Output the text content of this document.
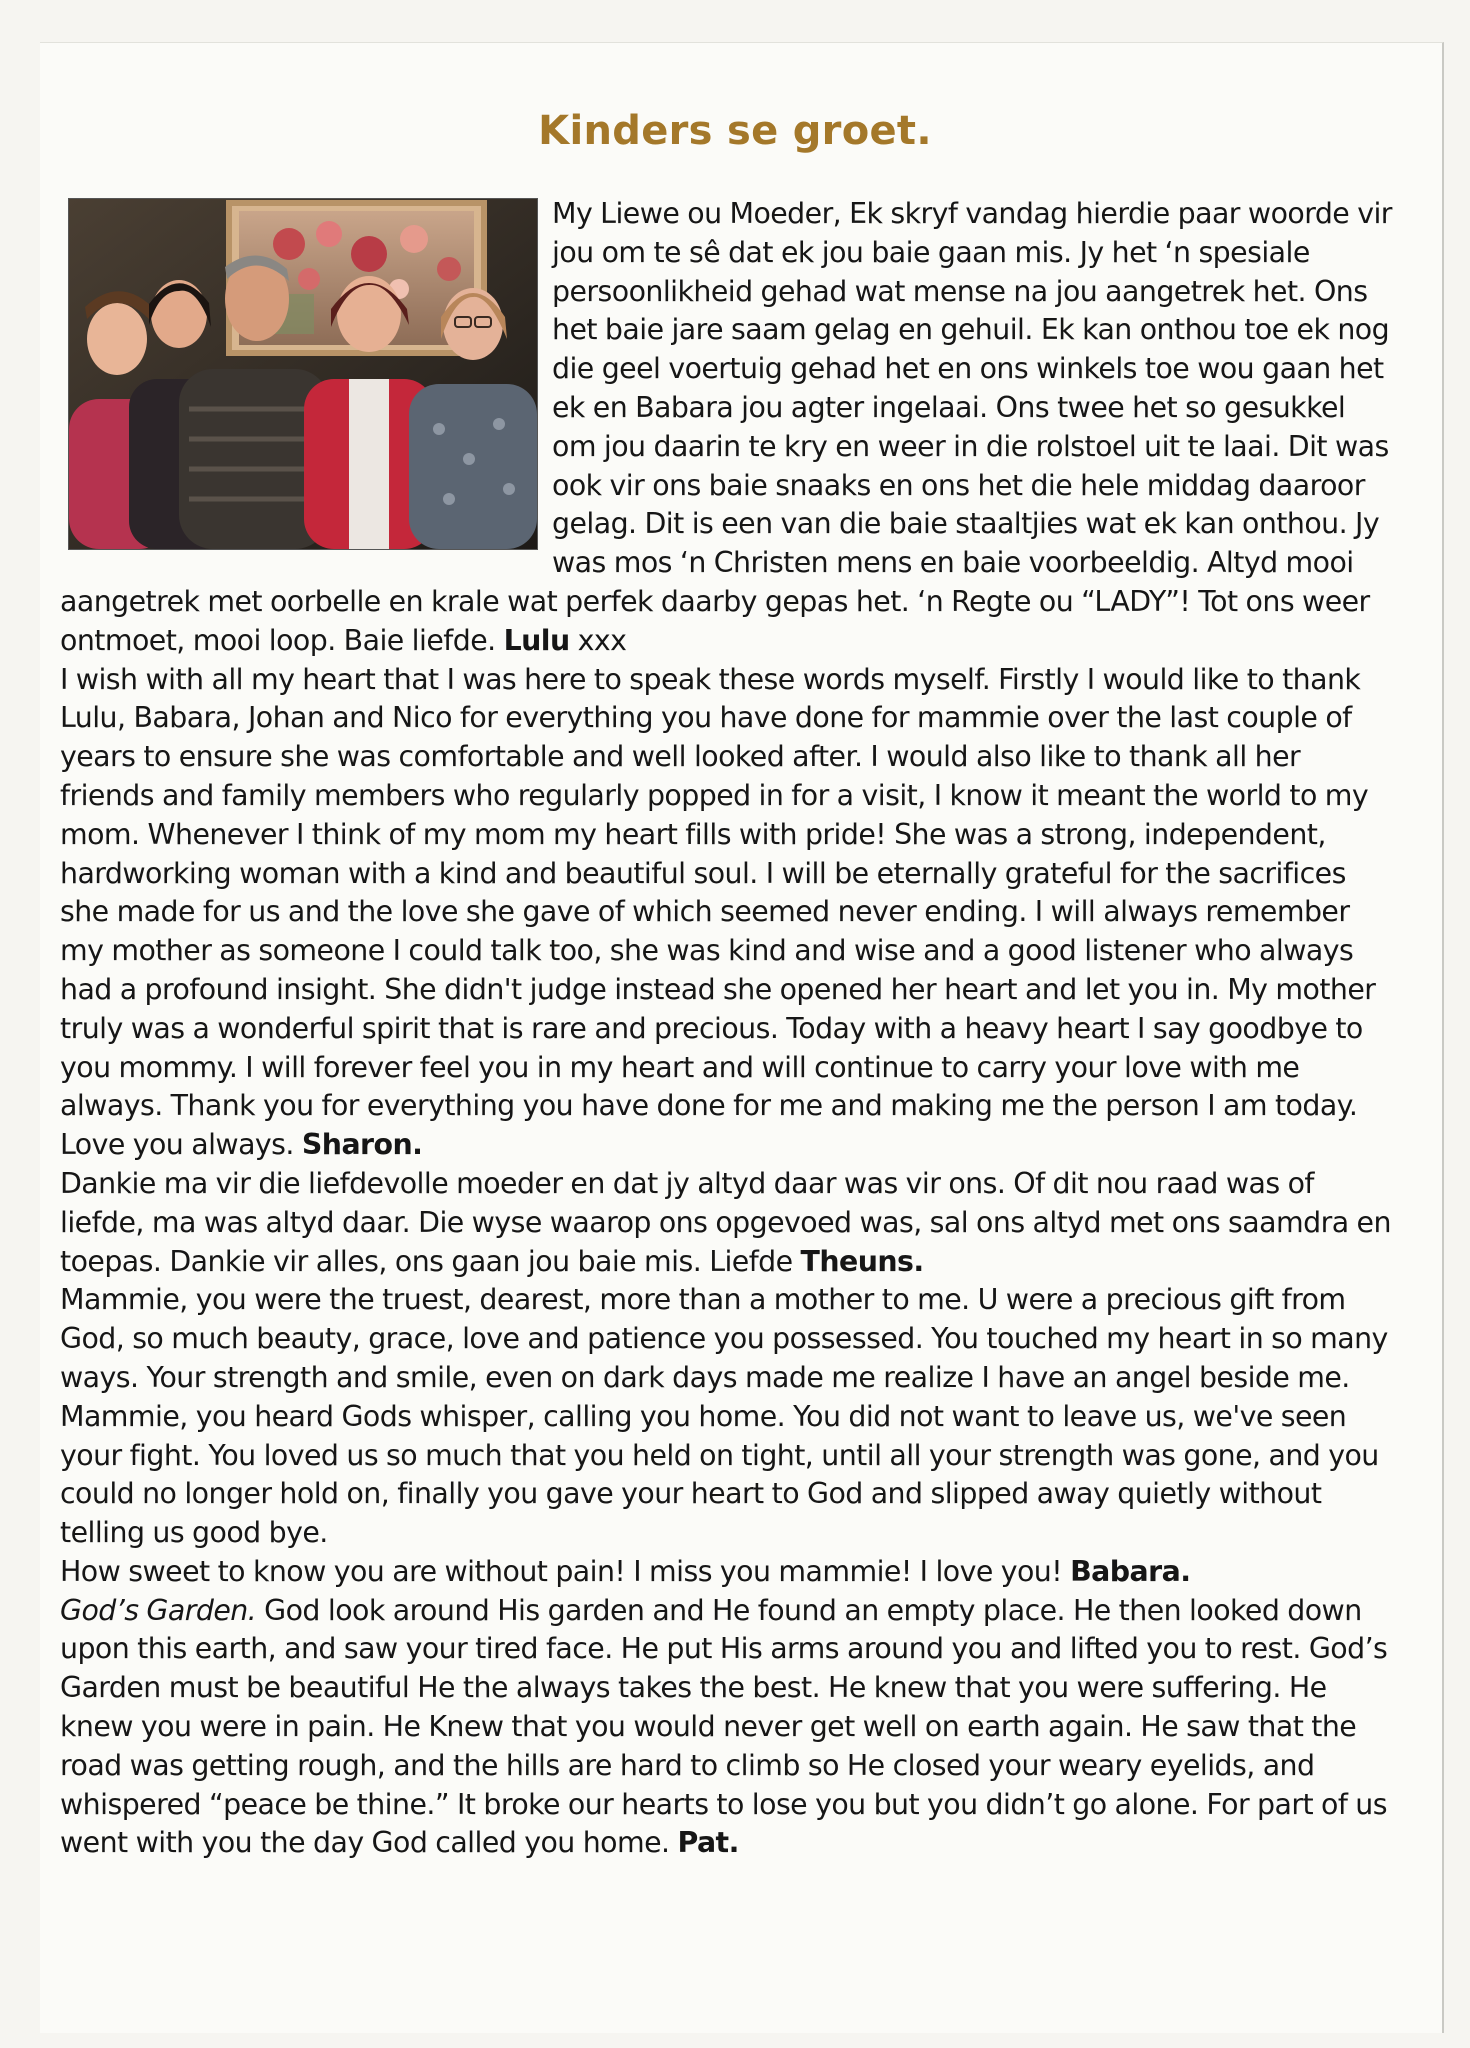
Kinders se groet.

My Liewe ou Moeder, Ek skryf vandag hierdie paar woorde vir jou om te sê dat ek jou baie gaan mis. Jy het ‘n spesiale persoonlikheid gehad wat mense na jou aangetrek het. Ons het baie jare saam gelag en gehuil. Ek kan onthou toe ek nog die geel voertuig gehad het en ons winkels toe wou gaan het ek en Babara jou agter ingelaai. Ons twee het so gesukkel om jou daarin te kry en weer in die rolstoel uit te laai. Dit was ook vir ons baie snaaks en ons het die hele middag daaroor gelag. Dit is een van die baie staaltjies wat ek kan onthou. Jy was mos ‘n Christen mens en baie voorbeeldig. Altyd mooi aangetrek met oorbelle en krale wat perfek daarby gepas het. ‘n Regte ou “LADY”! Tot ons weer ontmoet, mooi loop. Baie liefde. Lulu xxx

I wish with all my heart that I was here to speak these words myself. Firstly I would like to thank Lulu, Babara, Johan and Nico for everything you have done for mammie over the last couple of years to ensure she was comfortable and well looked after. I would also like to thank all her friends and family members who regularly popped in for a visit, I know it meant the world to my mom. Whenever I think of my mom my heart fills with pride! She was a strong, independent, hardworking woman with a kind and beautiful soul. I will be eternally grateful for the sacrifices she made for us and the love she gave of which seemed never ending. I will always remember my mother as someone I could talk too, she was kind and wise and a good listener who always had a profound insight. She didn't judge instead she opened her heart and let you in. My mother truly was a wonderful spirit that is rare and precious. Today with a heavy heart I say goodbye to you mommy. I will forever feel you in my heart and will continue to carry your love with me always. Thank you for everything you have done for me and making me the person I am today. Love you always. Sharon.

Dankie ma vir die liefdevolle moeder en dat jy altyd daar was vir ons. Of dit nou raad was of liefde, ma was altyd daar. Die wyse waarop ons opgevoed was, sal ons altyd met ons saamdra en toepas. Dankie vir alles, ons gaan jou baie mis. Liefde Theuns.

Mammie, you were the truest, dearest, more than a mother to me. U were a precious gift from God, so much beauty, grace, love and patience you possessed. You touched my heart in so many ways. Your strength and smile, even on dark days made me realize I have an angel beside me. Mammie, you heard Gods whisper, calling you home. You did not want to leave us, we've seen your fight. You loved us so much that you held on tight, until all your strength was gone, and you could no longer hold on, finally you gave your heart to God and slipped away quietly without telling us good bye.

How sweet to know you are without pain! I miss you mammie! I love you! Babara.

God’s Garden. God look around His garden and He found an empty place. He then looked down upon this earth, and saw your tired face. He put His arms around you and lifted you to rest. God’s Garden must be beautiful He the always takes the best. He knew that you were suffering. He knew you were in pain. He Knew that you would never get well on earth again. He saw that the road was getting rough, and the hills are hard to climb so He closed your weary eyelids, and whispered “peace be thine.” It broke our hearts to lose you but you didn’t go alone. For part of us went with you the day God called you home. Pat.
